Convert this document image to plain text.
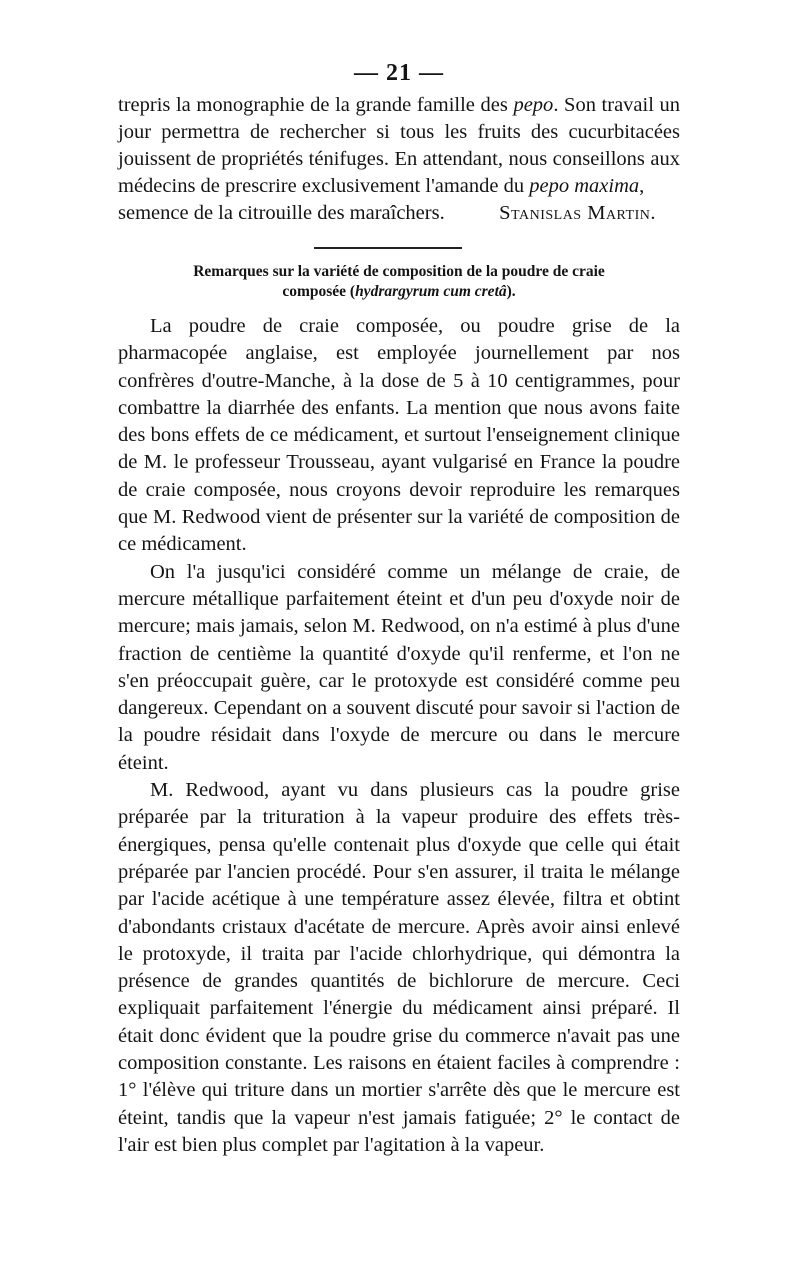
— 21 —

trepris la monographie de la grande famille des pepo. Son travail un jour permettra de rechercher si tous les fruits des cucurbitacées jouissent de propriétés ténifuges. En attendant, nous conseillons aux médecins de prescrire exclusivement l'amande du pepo maxima,

semence de la citrouille des maraîchers.	Stanislas Martin.
Remarques sur la variété de composition de la poudre de craie
composée (hydrargyrum cum cretâ).

La poudre de craie composée, ou poudre grise de la pharmacopée anglaise, est employée journellement par nos confrères d'outre-Manche, à la dose de 5 à 10 centigrammes, pour combattre la diarrhée des enfants. La mention que nous avons faite des bons effets de ce médicament, et surtout l'enseignement clinique de M. le professeur Trousseau, ayant vulgarisé en France la poudre de craie composée, nous croyons devoir reproduire les remarques que M. Redwood vient de présenter sur la variété de composition de ce médicament.

On l'a jusqu'ici considéré comme un mélange de craie, de mercure métallique parfaitement éteint et d'un peu d'oxyde noir de mercure; mais jamais, selon M. Redwood, on n'a estimé à plus d'une fraction de centième la quantité d'oxyde qu'il renferme, et l'on ne s'en préoccupait guère, car le protoxyde est considéré comme peu dangereux. Cependant on a souvent discuté pour savoir si l'action de la poudre résidait dans l'oxyde de mercure ou dans le mercure éteint.

M. Redwood, ayant vu dans plusieurs cas la poudre grise préparée par la trituration à la vapeur produire des effets très-énergiques, pensa qu'elle contenait plus d'oxyde que celle qui était préparée par l'ancien procédé. Pour s'en assurer, il traita le mélange par l'acide acétique à une température assez élevée, filtra et obtint d'abondants cristaux d'acétate de mercure. Après avoir ainsi enlevé le protoxyde, il traita par l'acide chlorhydrique, qui démontra la présence de grandes quantités de bichlorure de mercure. Ceci expliquait parfaitement l'énergie du médicament ainsi préparé. Il était donc évident que la poudre grise du commerce n'avait pas une composition constante. Les raisons en étaient faciles à comprendre : 1° l'élève qui triture dans un mortier s'arrête dès que le mercure est éteint, tandis que la vapeur n'est jamais fatiguée; 2° le contact de l'air est bien plus complet par l'agitation à la vapeur.
